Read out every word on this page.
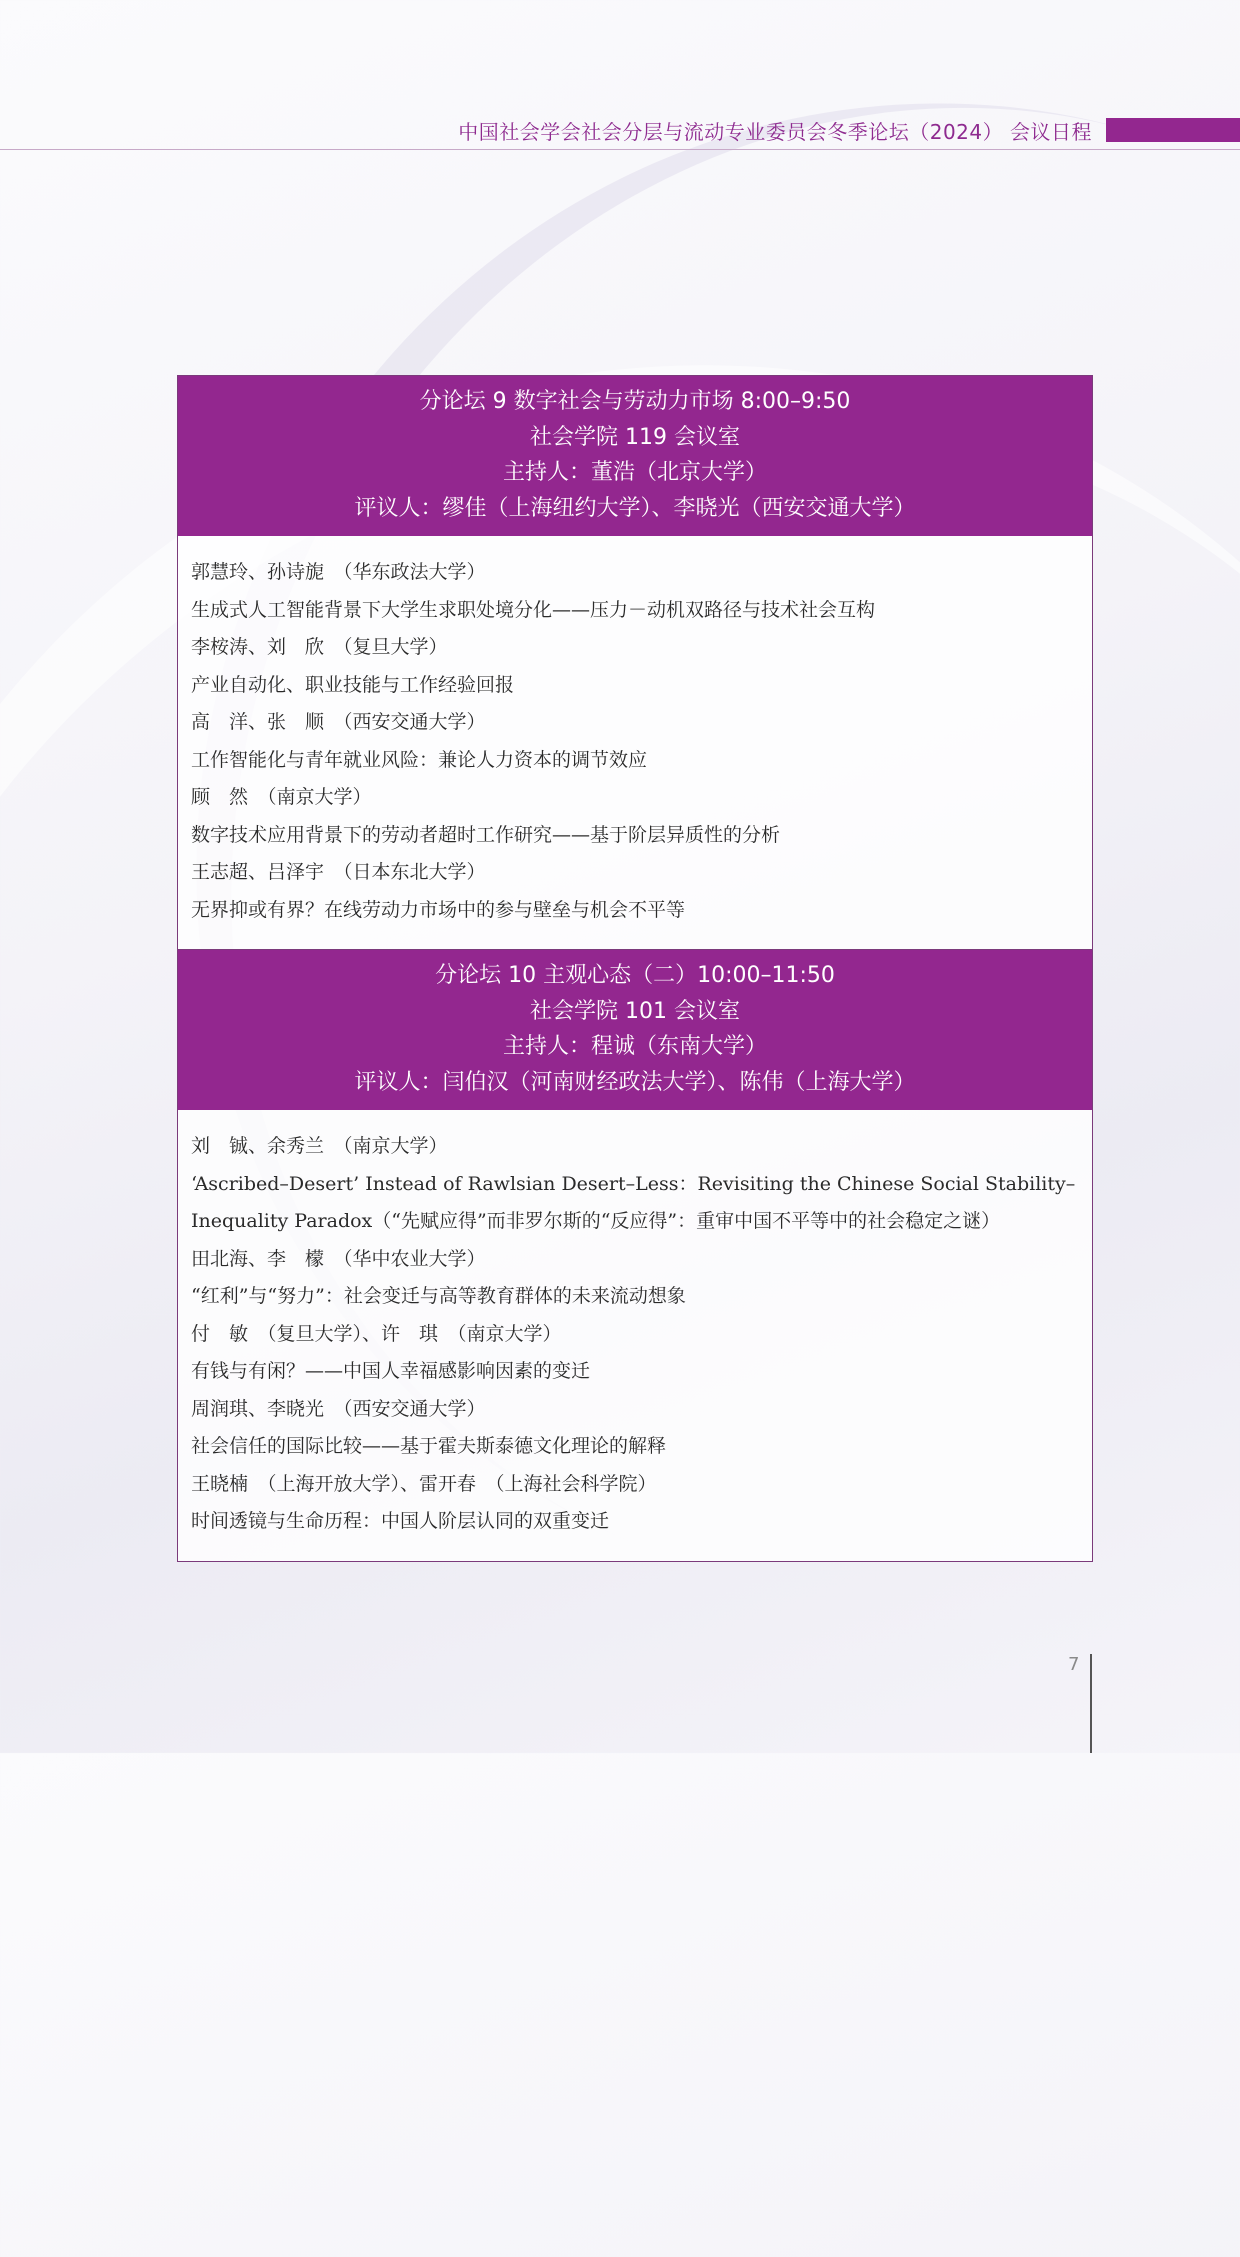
中国社会学会社会分层与流动专业委员会冬季论坛（2024） 会议日程
分论坛 9 数字社会与劳动力市场 8:00–9:50
社会学院 119 会议室
主持人：董浩（北京大学）
评议人：缪佳（上海纽约大学）、李晓光（西安交通大学）
郭慧玲、孙诗旎　（华东政法大学）
生成式人工智能背景下大学生求职处境分化——压力－动机双路径与技术社会互构
李桉涛、刘　欣　（复旦大学）
产业自动化、职业技能与工作经验回报
高　洋、张　顺　（西安交通大学）
工作智能化与青年就业风险：兼论人力资本的调节效应
顾　然　（南京大学）
数字技术应用背景下的劳动者超时工作研究——基于阶层异质性的分析
王志超、吕泽宇　（日本东北大学）
无界抑或有界？在线劳动力市场中的参与壁垒与机会不平等
分论坛 10 主观心态（二）10:00–11:50
社会学院 101 会议室
主持人：程诚（东南大学）
评议人：闫伯汉（河南财经政法大学）、陈伟（上海大学）
刘　铖、余秀兰　（南京大学）
‘Ascribed–Desert’ Instead of Rawlsian Desert–Less：Revisiting the Chinese Social Stability–Inequality Paradox（“先赋应得”而非罗尔斯的“反应得”：重审中国不平等中的社会稳定之谜）
田北海、李　檬　（华中农业大学）
“红利”与“努力”：社会变迁与高等教育群体的未来流动想象
付　敏　（复旦大学）、许　琪　（南京大学）
有钱与有闲？——中国人幸福感影响因素的变迁
周润琪、李晓光　（西安交通大学）
社会信任的国际比较——基于霍夫斯泰德文化理论的解释
王晓楠　（上海开放大学）、雷开春　（上海社会科学院）
时间透镜与生命历程：中国人阶层认同的双重变迁
7
